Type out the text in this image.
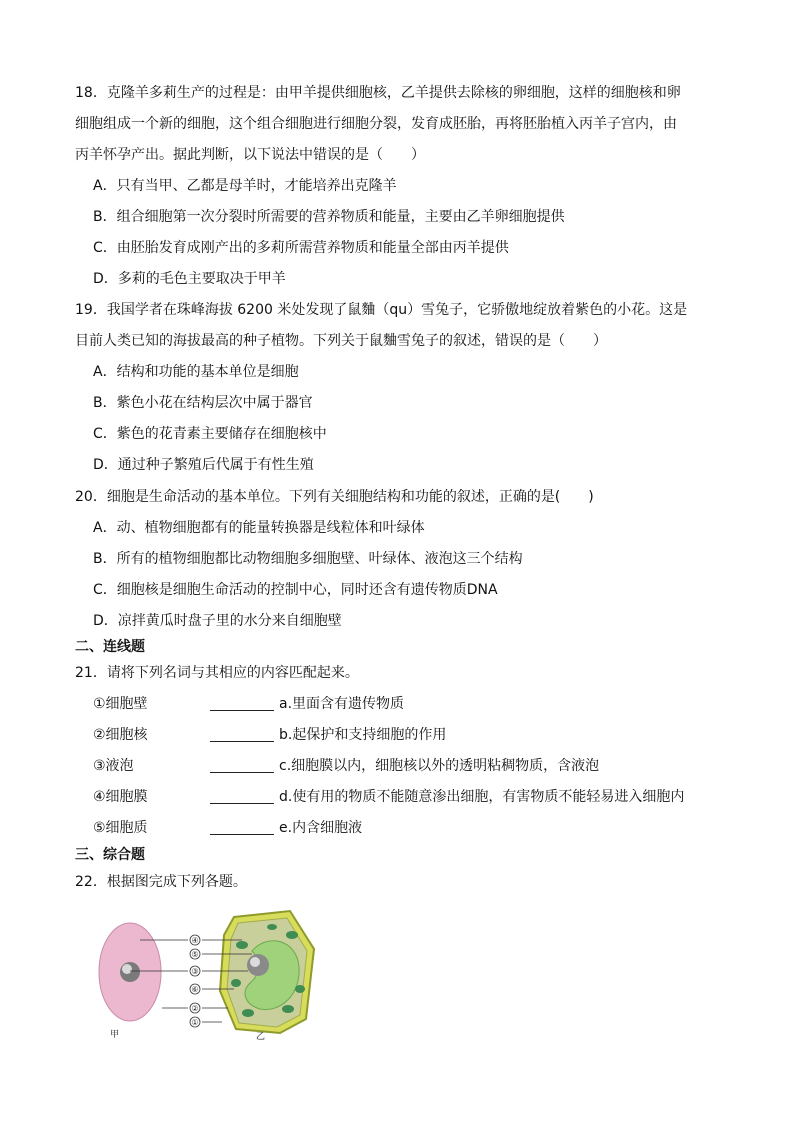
18．克隆羊多莉生产的过程是：由甲羊提供细胞核，乙羊提供去除核的卵细胞，这样的细胞核和卵
细胞组成一个新的细胞，这个组合细胞进行细胞分裂，发育成胚胎，再将胚胎植入丙羊子宫内，由
丙羊怀孕产出。据此判断，以下说法中错误的是（　　）
A．只有当甲、乙都是母羊时，才能培养出克隆羊
B．组合细胞第一次分裂时所需要的营养物质和能量，主要由乙羊卵细胞提供
C．由胚胎发育成刚产出的多莉所需营养物质和能量全部由丙羊提供
D．多莉的毛色主要取决于甲羊
19．我国学者在珠峰海拔 6200 米处发现了鼠麯（qu）雪兔子，它骄傲地绽放着紫色的小花。这是
目前人类已知的海拔最高的种子植物。下列关于鼠麯雪兔子的叙述，错误的是（　　）
A．结构和功能的基本单位是细胞
B．紫色小花在结构层次中属于器官
C．紫色的花青素主要储存在细胞核中
D．通过种子繁殖后代属于有性生殖
20．细胞是生命活动的基本单位。下列有关细胞结构和功能的叙述，正确的是(　　)
A．动、植物细胞都有的能量转换器是线粒体和叶绿体
B．所有的植物细胞都比动物细胞多细胞壁、叶绿体、液泡这三个结构
C．细胞核是细胞生命活动的控制中心，同时还含有遗传物质DNA
D．凉拌黄瓜时盘子里的水分来自细胞壁
二、连线题
21．请将下列名词与其相应的内容匹配起来。
①细胞壁	a.里面含有遗传物质
②细胞核	b.起保护和支持细胞的作用
③液泡	c.细胞膜以内，细胞核以外的透明粘稠物质，含液泡
④细胞膜	d.使有用的物质不能随意渗出细胞，有害物质不能轻易进入细胞内
⑤细胞质	e.内含细胞液
三、综合题
22．根据图完成下列各题。
④
⑤
③
⑥
②
①
甲	乙
